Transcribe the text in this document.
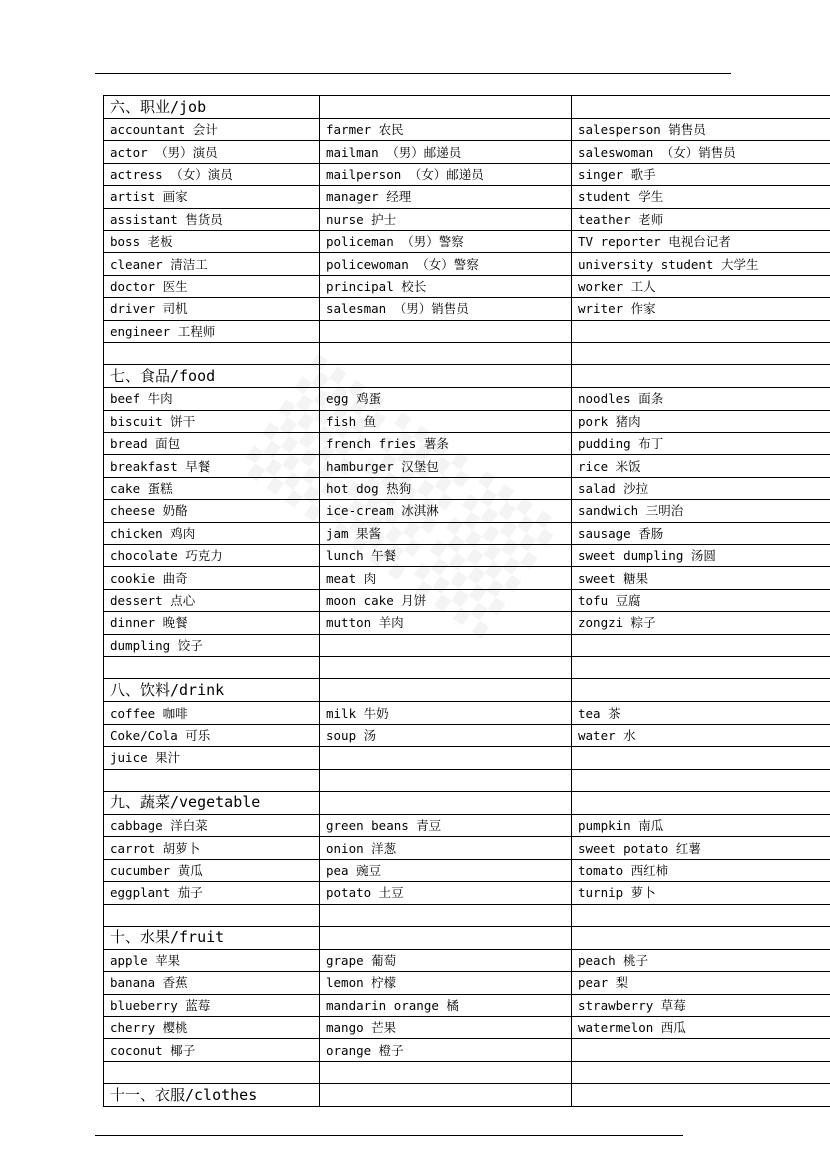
六、职业/job		
accountant 会计	farmer 农民	salesperson 销售员
actor （男）演员	mailman （男）邮递员	saleswoman （女）销售员
actress （女）演员	mailperson （女）邮递员	singer 歌手
artist 画家	manager 经理	student 学生
assistant 售货员	nurse 护士	teather 老师
boss 老板	policeman （男）警察	TV reporter 电视台记者
cleaner 清洁工	policewoman （女）警察	university student 大学生
doctor 医生	principal 校长	worker 工人
driver 司机	salesman （男）销售员	writer 作家
engineer 工程师		

七、食品/food		
beef 牛肉	egg 鸡蛋	noodles 面条
biscuit 饼干	fish 鱼	pork 猪肉
bread 面包	french fries 薯条	pudding 布丁
breakfast 早餐	hamburger 汉堡包	rice 米饭
cake 蛋糕	hot dog 热狗	salad 沙拉
cheese 奶酪	ice-cream 冰淇淋	sandwich 三明治
chicken 鸡肉	jam 果酱	sausage 香肠
chocolate 巧克力	lunch 午餐	sweet dumpling 汤圆
cookie 曲奇	meat 肉	sweet 糖果
dessert 点心	moon cake 月饼	tofu 豆腐
dinner 晚餐	mutton 羊肉	zongzi 粽子
dumpling 饺子		

八、饮料/drink		
coffee 咖啡	milk 牛奶	tea 茶
Coke/Cola 可乐	soup 汤	water 水
juice 果汁		

九、蔬菜/vegetable		
cabbage 洋白菜	green beans 青豆	pumpkin 南瓜
carrot 胡萝卜	onion 洋葱	sweet potato 红薯
cucumber 黄瓜	pea 豌豆	tomato 西红柿
eggplant 茄子	potato 土豆	turnip 萝卜

十、水果/fruit		
apple 苹果	grape 葡萄	peach 桃子
banana 香蕉	lemon 柠檬	pear 梨
blueberry 蓝莓	mandarin orange 橘	strawberry 草莓
cherry 樱桃	mango 芒果	watermelon 西瓜
coconut 椰子	orange 橙子	

十一、衣服/clothes		
